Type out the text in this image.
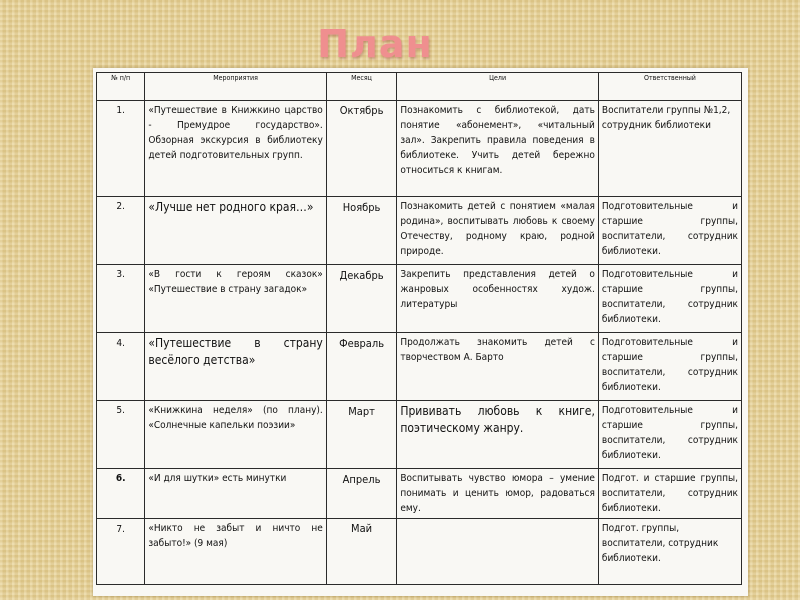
План
№ п/п	Мероприятия	Месяц	Цели	Ответственный
1.	«Путешествие в Книжкино царство - Премудрое государство». Обзорная экскурсия в библиотеку детей подготовительных групп.	Октябрь	Познакомить с библиотекой, дать понятие «абонемент», «читальный зал». Закрепить правила поведения в библиотеке. Учить детей бережно относиться к книгам.	Воспитатели группы №1,2, сотрудник библиотеки
2.	«Лучше нет родного края…»	Ноябрь	Познакомить детей с понятием «малая родина», воспитывать любовь к своему Отечеству, родному краю, родной природе.	Подготовительные и старшие группы, воспитатели, сотрудник библиотеки.
3.	«В гости к героям сказок» «Путешествие в страну загадок»	Декабрь	Закрепить представления детей о жанровых особенностях худож. литературы	Подготовительные и старшие группы, воспитатели, сотрудник библиотеки.
4.	«Путешествие в страну весёлого детства»	Февраль	Продолжать знакомить детей с творчеством А. Барто	Подготовительные и старшие группы, воспитатели, сотрудник библиотеки.
5.	«Книжкина неделя» (по плану). «Солнечные капельки поэзии»	Март	Прививать любовь к книге, поэтическому жанру.	Подготовительные и старшие группы, воспитатели, сотрудник библиотеки.
6.	«И для шутки» есть минутки	Апрель	Воспитывать чувство юмора – умение понимать и ценить юмор, радоваться ему.	Подгот. и старшие группы, воспитатели, сотрудник библиотеки.
7.	«Никто не забыт и ничто не забыто!» (9 мая)	Май		Подгот. группы, воспитатели, сотрудник библиотеки.
